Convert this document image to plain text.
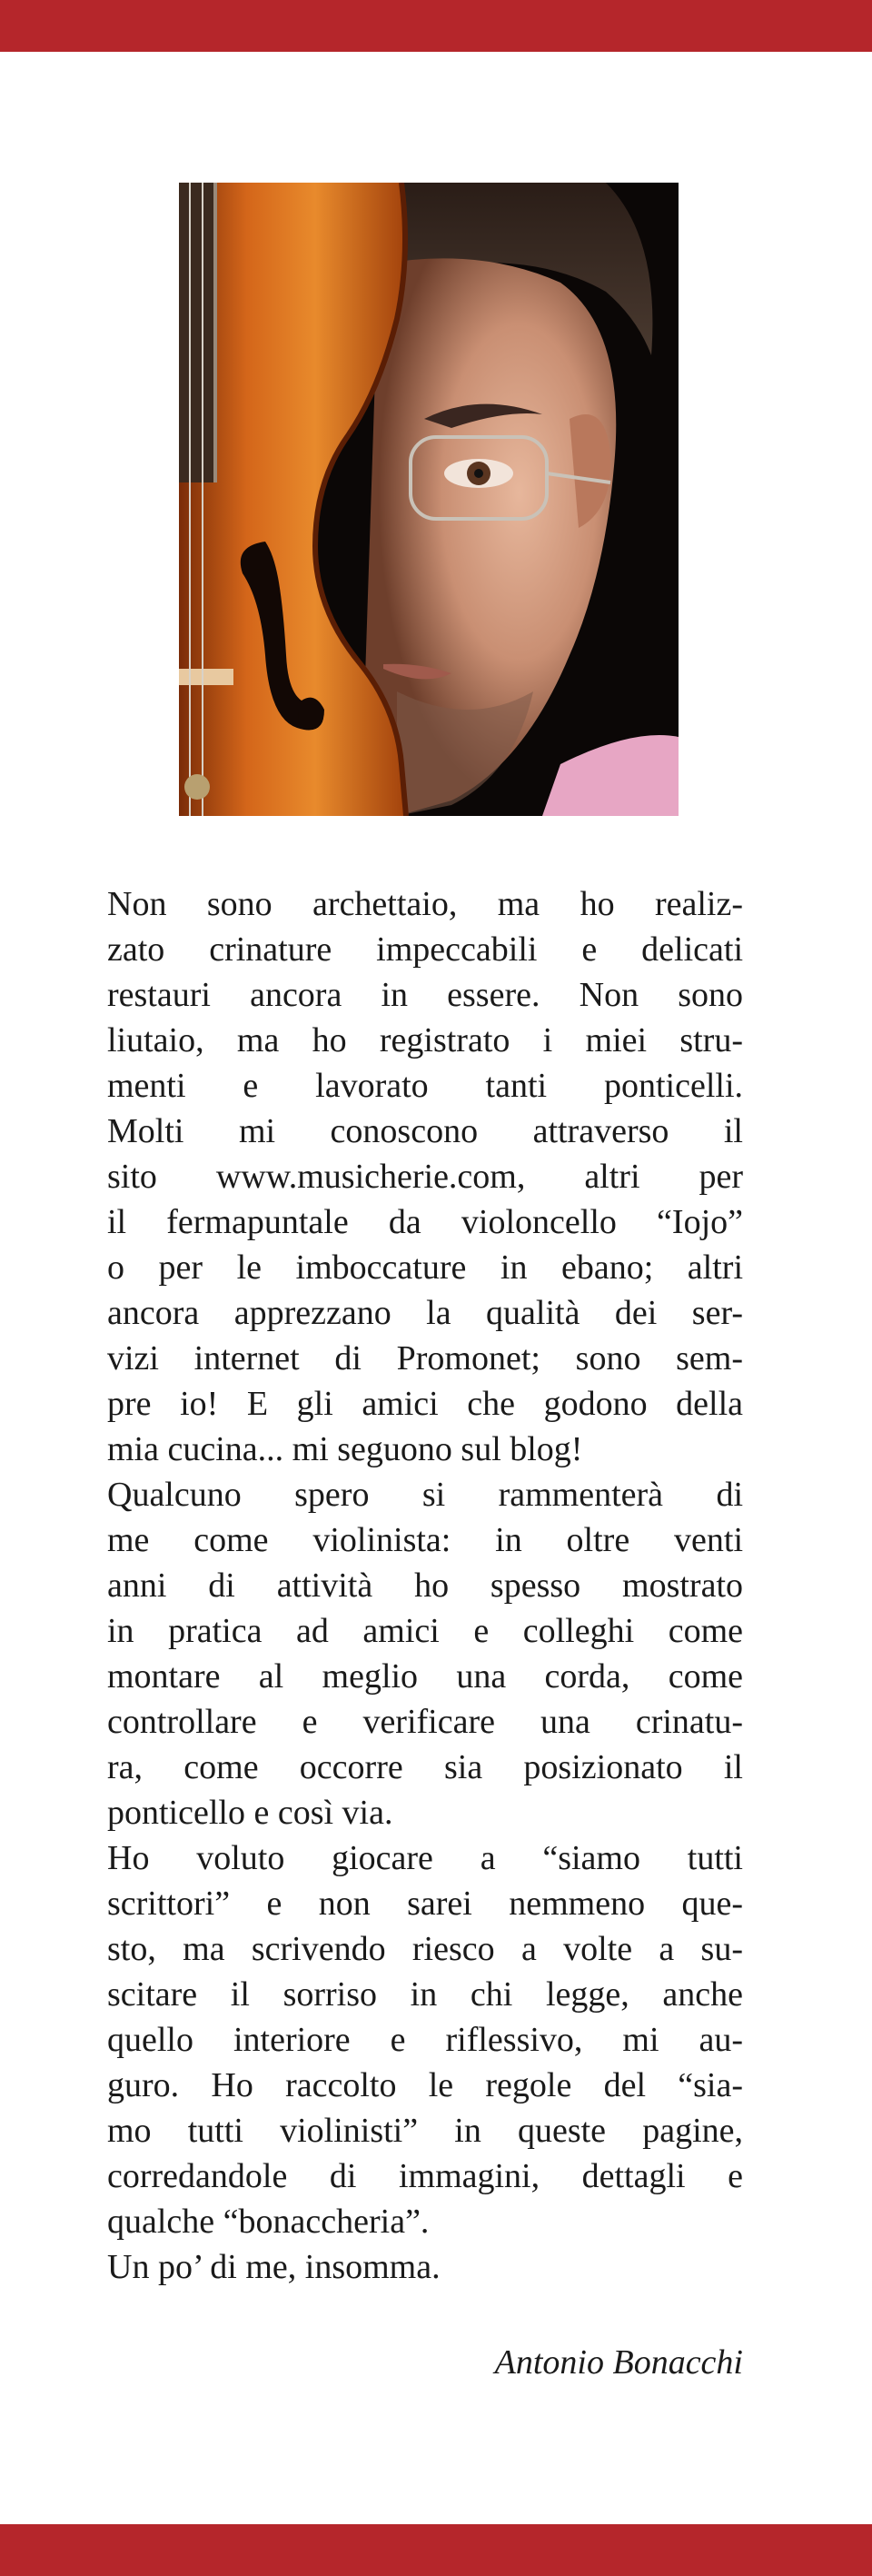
Non sono archettaio, ma ho realiz-
zato crinature impeccabili e delicati
restauri ancora in essere. Non sono
liutaio, ma ho registrato i miei stru-
menti e lavorato tanti ponticelli.
Molti mi conoscono attraverso il
sito www.musicherie.com, altri per
il fermapuntale da violoncello “Iojo”
o per le imboccature in ebano; altri
ancora apprezzano la qualità dei ser-
vizi internet di Promonet; sono sem-
pre io! E gli amici che godono della
mia cucina... mi seguono sul blog!
Qualcuno spero si rammenterà di
me come violinista: in oltre venti
anni di attività ho spesso mostrato
in pratica ad amici e colleghi come
montare al meglio una corda, come
controllare e verificare una crinatu-
ra, come occorre sia posizionato il
ponticello e così via.
Ho voluto giocare a “siamo tutti
scrittori” e non sarei nemmeno que-
sto, ma scrivendo riesco a volte a su-
scitare il sorriso in chi legge, anche
quello interiore e riflessivo, mi au-
guro. Ho raccolto le regole del “sia-
mo tutti violinisti” in queste pagine,
corredandole di immagini, dettagli e
qualche “bonaccheria”.
Un po’ di me, insomma.
Antonio Bonacchi
